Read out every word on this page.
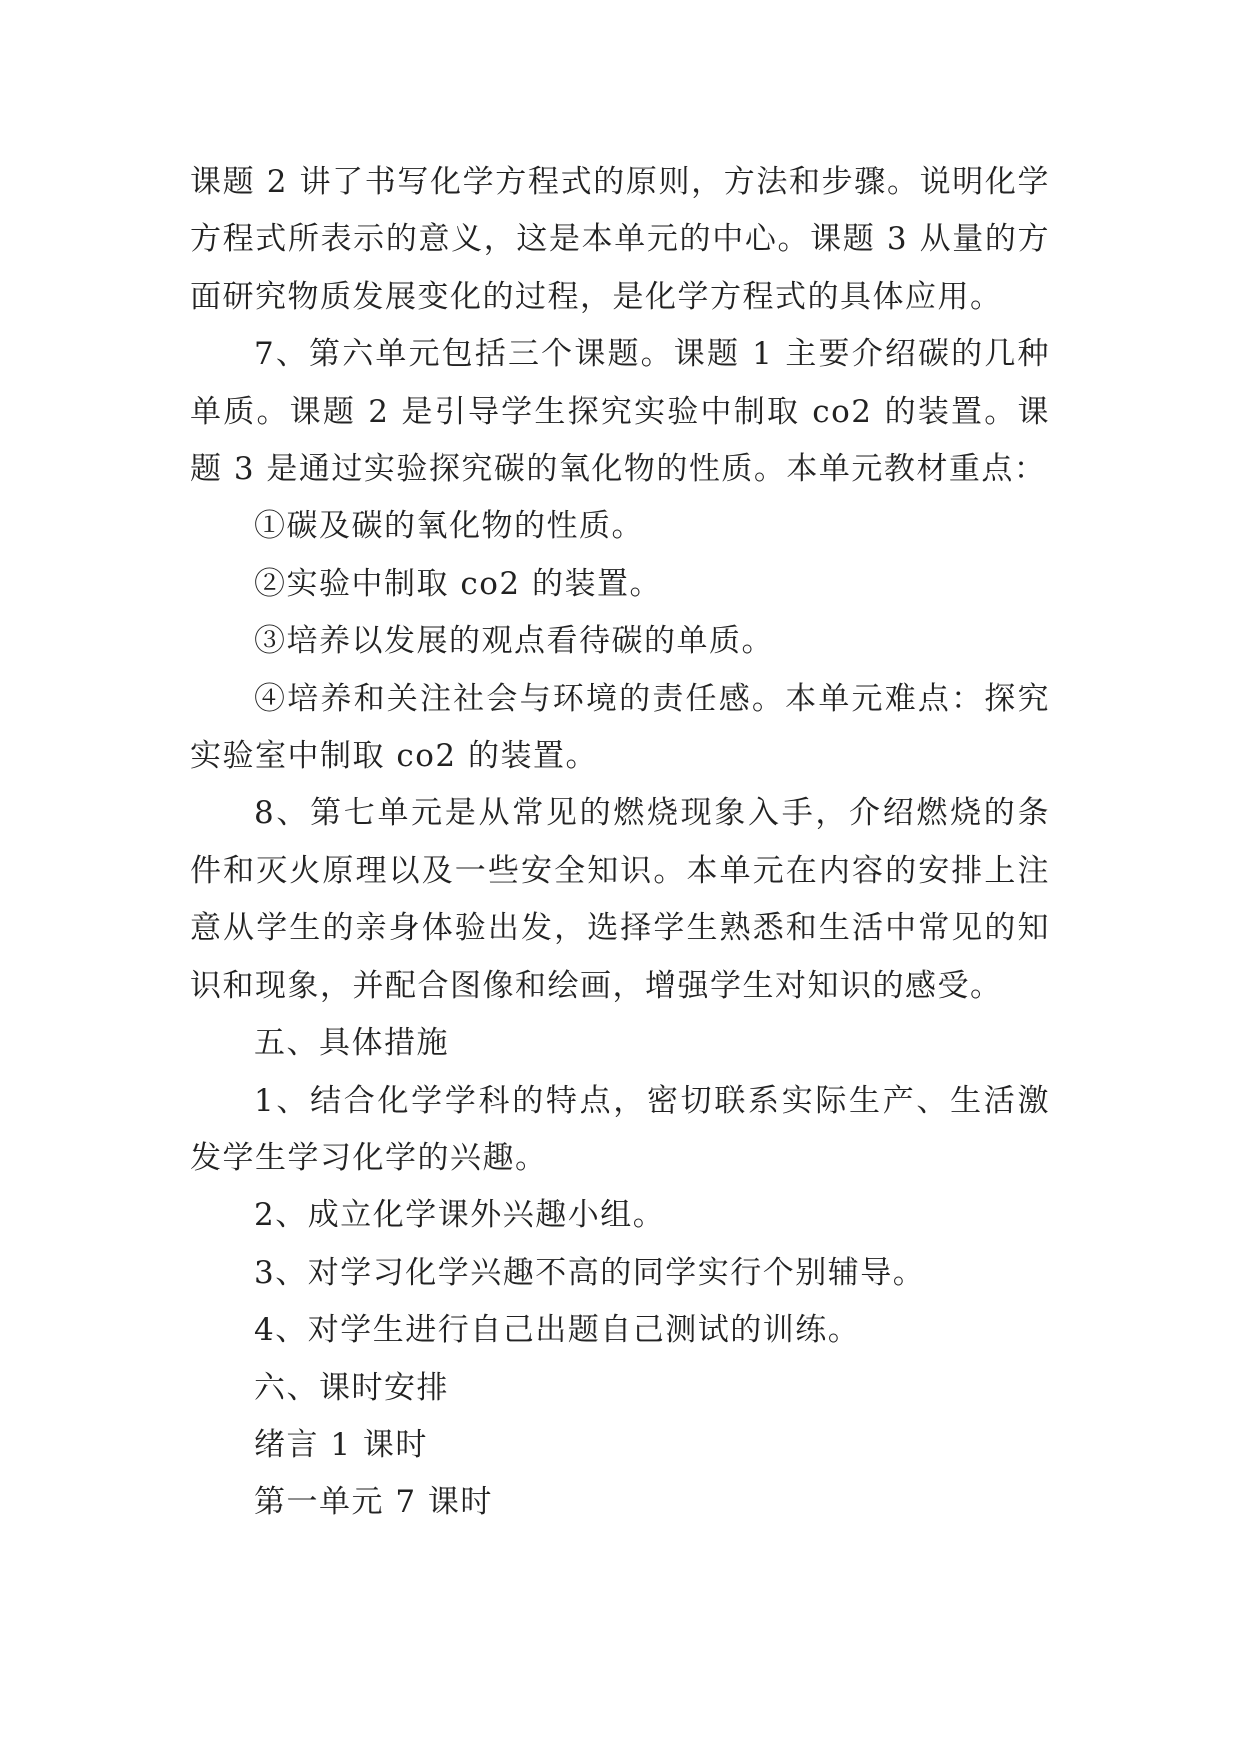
课题 2 讲了书写化学方程式的原则，方法和步骤。说明化学方程式所表示的意义，这是本单元的中心。课题 3 从量的方面研究物质发展变化的过程，是化学方程式的具体应用。

7、第六单元包括三个课题。课题 1 主要介绍碳的几种单质。课题 2 是引导学生探究实验中制取 co2 的装置。课题 3 是通过实验探究碳的氧化物的性质。本单元教材重点：

①碳及碳的氧化物的性质。

②实验中制取 co2 的装置。

③培养以发展的观点看待碳的单质。

④培养和关注社会与环境的责任感。本单元难点：探究实验室中制取 co2 的装置。

8、第七单元是从常见的燃烧现象入手，介绍燃烧的条件和灭火原理以及一些安全知识。本单元在内容的安排上注意从学生的亲身体验出发，选择学生熟悉和生活中常见的知识和现象，并配合图像和绘画，增强学生对知识的感受。

五、具体措施

1、结合化学学科的特点，密切联系实际生产、生活激发学生学习化学的兴趣。

2、成立化学课外兴趣小组。

3、对学习化学兴趣不高的同学实行个别辅导。

4、对学生进行自己出题自己测试的训练。

六、课时安排

绪言 1 课时

第一单元 7 课时
